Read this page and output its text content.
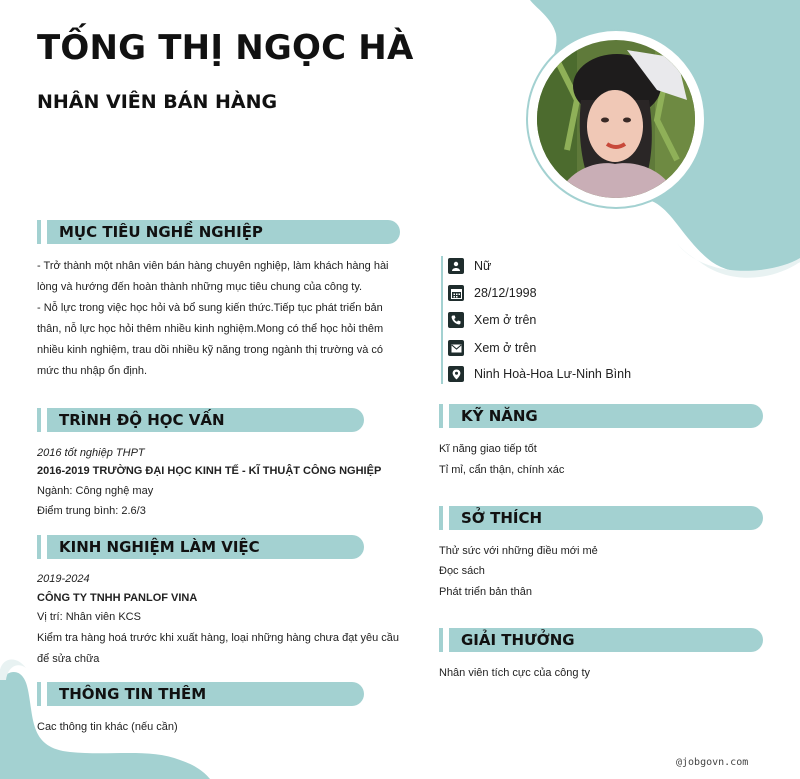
TỐNG THỊ NGỌC HÀ
NHÂN VIÊN BÁN HÀNG
MỤC TIÊU NGHỀ NGHIỆP
- Trở thành một nhân viên bán hàng chuyên nghiệp, làm khách hàng hài
lòng và hướng đến hoàn thành những mục tiêu chung của công ty.
- Nỗ lực trong việc học hỏi và bổ sung kiến thức.Tiếp tục phát triển bản
thân, nỗ lực học hỏi thêm nhiều kinh nghiệm.Mong có thể học hỏi thêm
nhiều kinh nghiệm, trau dồi nhiều kỹ năng trong ngành thị trường và có
mức thu nhập ổn định.
TRÌNH ĐỘ HỌC VẤN
2016 tốt nghiệp THPT
2016-2019 TRƯỜNG ĐẠI HỌC KINH TẾ - KĨ THUẬT CÔNG NGHIỆP
Ngành: Công nghệ may
Điểm trung bình: 2.6/3
KINH NGHIỆM LÀM VIỆC
2019-2024
CÔNG TY TNHH PANLOF VINA
Vị trí: Nhân viên KCS
Kiểm tra hàng hoá trước khi xuất hàng, loại những hàng chưa đạt yêu cầu
để sửa chữa
THÔNG TIN THÊM
Cac thông tin khác (nếu cần)
Nữ
28/12/1998
Xem ở trên
Xem ở trên
Ninh Hoà-Hoa Lư-Ninh Bình
KỸ NĂNG
Kĩ năng giao tiếp tốt
Tỉ mỉ, cẩn thận, chính xác
SỞ THÍCH
Thử sức với những điều mới mẻ
Đọc sách
Phát triển bản thân
GIẢI THƯỞNG
Nhân viên tích cực của công ty
@jobgovn.com
